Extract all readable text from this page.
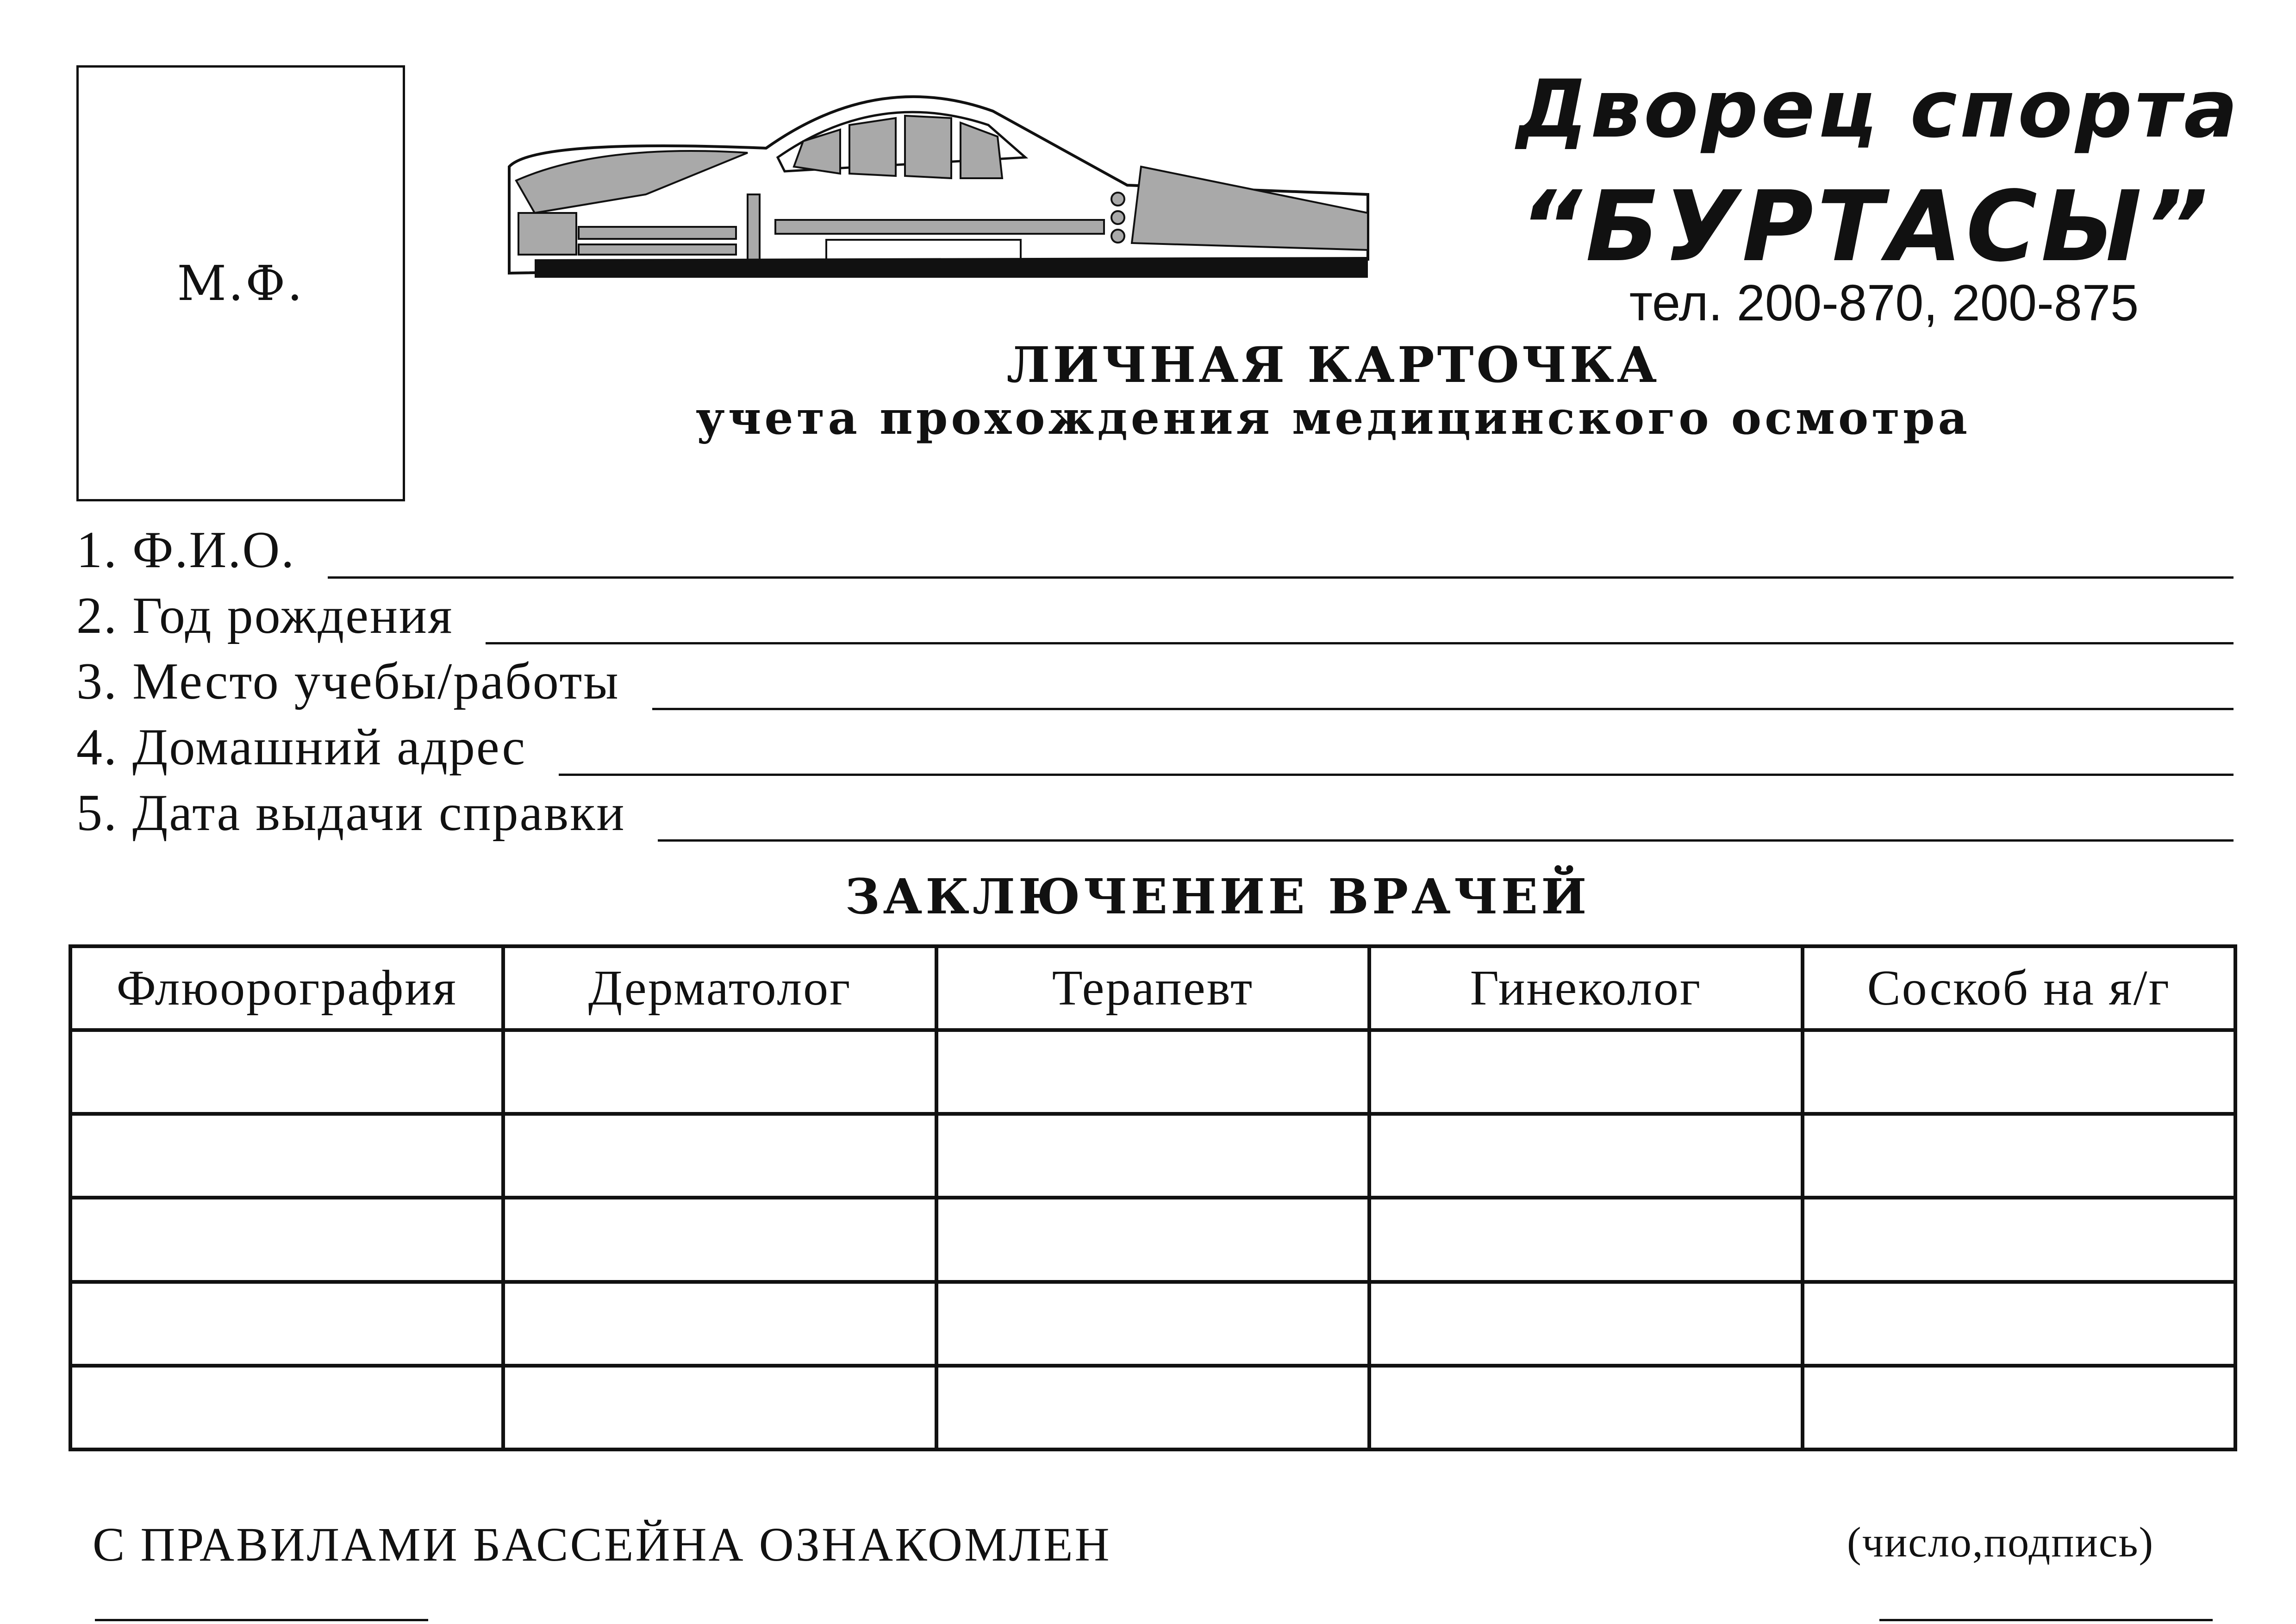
М.Ф.
Дворец спорта
“БУРТАСЫ”
тел. 200-870, 200-875
ЛИЧНАЯ КАРТОЧКА
учета прохождения медицинского осмотра
1. Ф.И.О.
2. Год рождения
3. Место учебы/работы
4. Домашний адрес
5. Дата выдачи справки
ЗАКЛЮЧЕНИЕ ВРАЧЕЙ
Флюорография	Дерматолог	Терапевт	Гинеколог	Соскоб на я/г

С ПРАВИЛАМИ БАССЕЙНА ОЗНАКОМЛЕН	(число,подпись)
